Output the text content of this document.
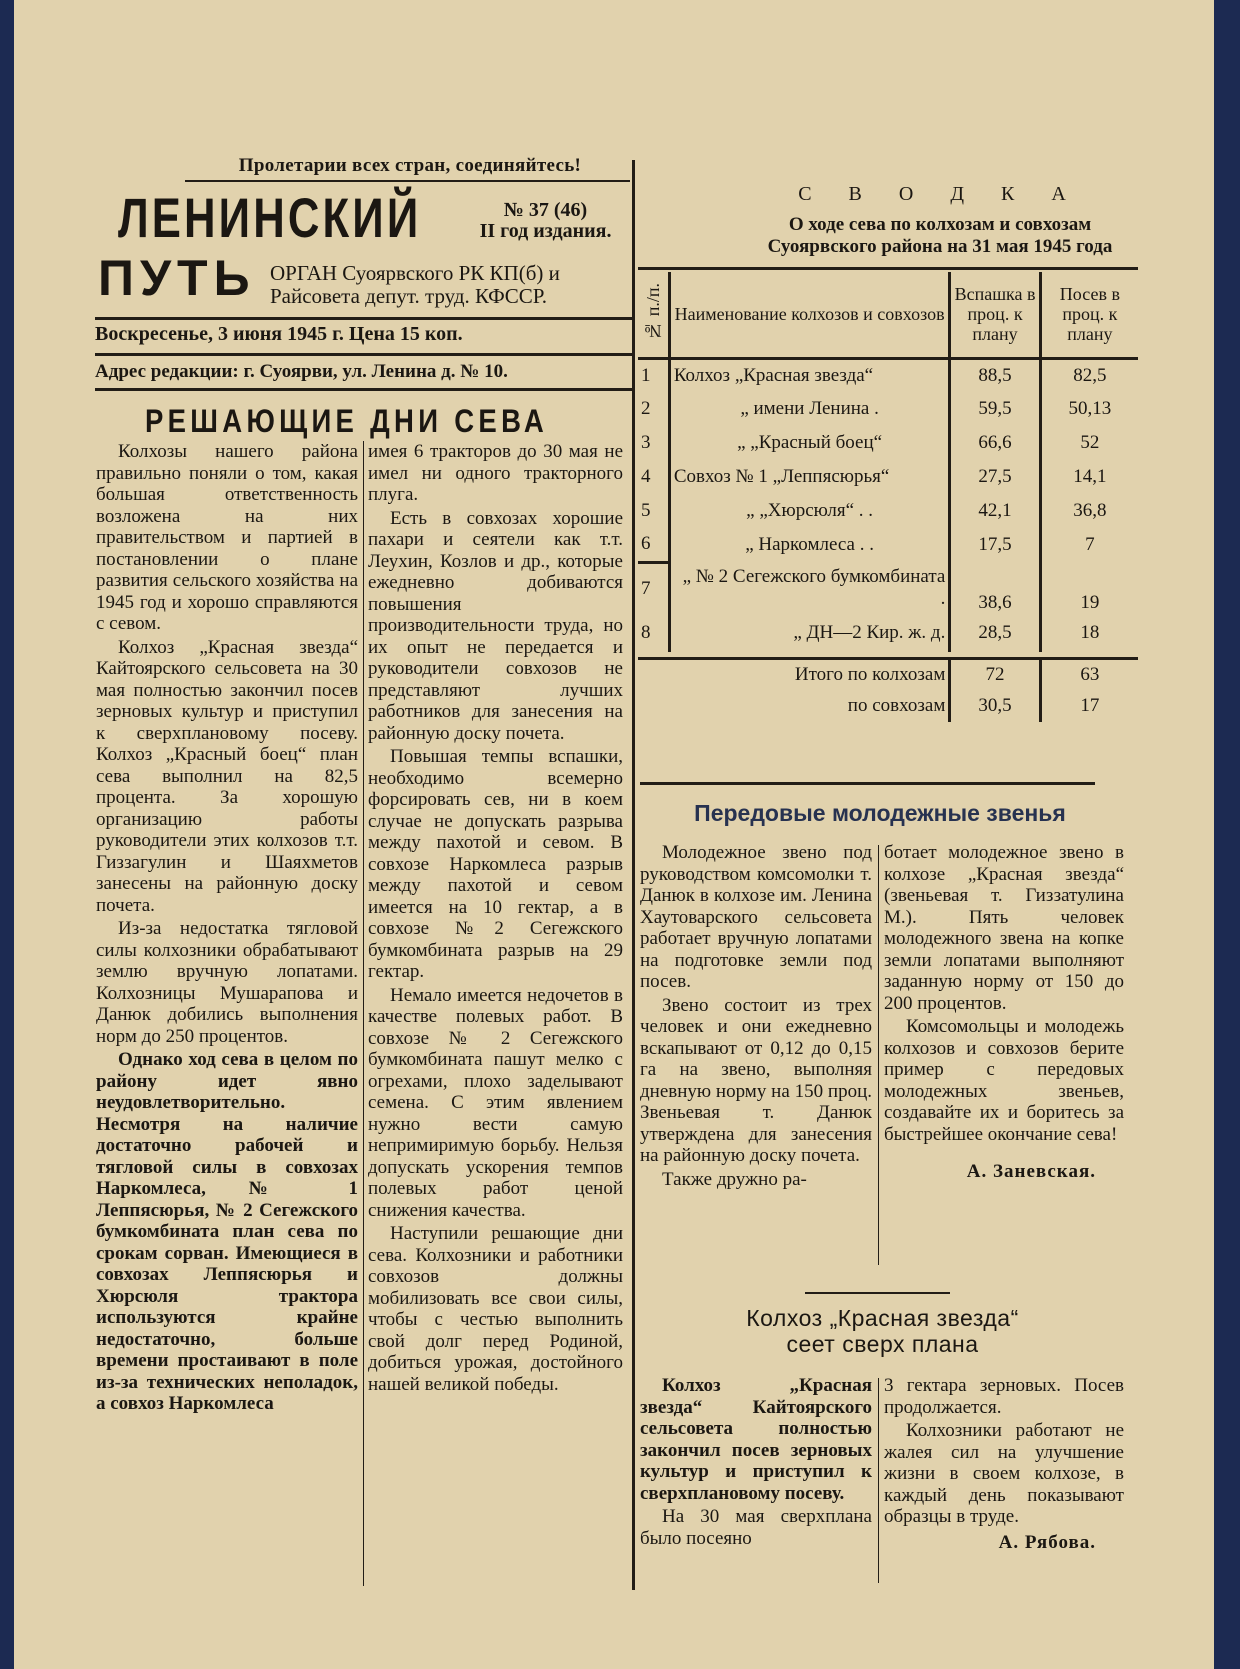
Пролетарии всех стран, соединяйтесь!
ЛЕНИНСКИЙ
ПУТЬ
№ 37 (46)
II год издания.
ОРГАН Суоярвского РК КП(б) и Райсовета депут. труд. КФССР.
Воскресенье, 3 июня 1945 г. Цена 15 коп.
Адрес редакции: г. Суоярви, ул. Ленина д. № 10.
РЕШАЮЩИЕ ДНИ СЕВА

Колхозы нашего района правильно поняли о том, какая большая ответственность возложена на них правительством и партией в постановлении о плане развития сельского хозяйства на 1945 год и хорошо справляются с севом.

Колхоз „Красная звезда“ Кайтоярского сельсовета на 30 мая полностью закончил посев зерновых культур и приступил к сверхплановому посеву. Колхоз „Красный боец“ план сева выполнил на 82,5 процента. За хорошую организацию работы руководители этих колхозов т.т. Гиззагулин и Шаяхметов занесены на районную доску почета.

Из-за недостатка тягловой силы колхозники обрабатывают землю вручную лопатами. Колхозницы Мушарапова и Данюк добились выполнения норм до 250 процентов.

Однако ход сева в целом по району идет явно неудовлетворительно. Несмотря на наличие достаточно рабочей и тягловой силы в совхозах Наркомлеса, № 1 Леппясюрья, № 2 Сегежского бумкомбината план сева по срокам сорван. Имеющиеся в совхозах Леппясюрья и Хюрсюля трактора используются крайне недостаточно, больше времени простаивают в поле из-за технических неполадок, а совхоз Наркомлеса

имея 6 тракторов до 30 мая не имел ни одного тракторного плуга.

Есть в совхозах хорошие пахари и сеятели как т.т. Леухин, Козлов и др., которые ежедневно добиваются повышения производительности труда, но их опыт не передается и руководители совхозов не представляют лучших работников для занесения на районную доску почета.

Повышая темпы вспашки, необходимо всемерно форсировать сев, ни в коем случае не допускать разрыва между пахотой и севом. В совхозе Наркомлеса разрыв между пахотой и севом имеется на 10 гектар, а в совхозе №2 Сегежского бумкомбината разрыв на 29 гектар.

Немало имеется недочетов в качестве полевых работ. В совхозе № 2 Сегежского бумкомбината пашут мелко с огрехами, плохо заделывают семена. С этим явлением нужно вести самую непримиримую борьбу. Нельзя допускать ускорения темпов полевых работ ценой снижения качества.

Наступили решающие дни сева. Колхозники и работники совхозов должны мобилизовать все свои силы, чтобы с честью выполнить свой долг перед Родиной, добиться урожая, достойного нашей великой победы.

С В О Д К А
О ходе сева по колхозам и совхозам
Суоярвского района на 31 мая 1945 года
№ п./п.	Наименование колхозов и совхозов	Вспашка в проц. к плану	Посев в проц. к плану
1	Колхоз „Красная звезда“	88,5	82,5
2	„ имени Ленина .	59,5	50,13
3	„ „Красный боец“	66,6	52
4	Совхоз № 1 „Леппясюрья“	27,5	14,1
5	„ „Хюрсюля“ . .	42,1	36,8
6	„ Наркомлеса . .	17,5	7
7	„ № 2 Сегежского бумкомбината .	38,6	19
8	„ ДН—2 Кир. ж. д.	28,5	18

	Итого по колхозам	72	63
	по совхозам	30,5	17
Передовые молодежные звенья

Молодежное звено под руководством комсомолки т. Данюк в колхозе им. Ленина Хаутоварского сельсовета работает вручную лопатами на подготовке земли под посев.

Звено состоит из трех человек и они ежедневно вскапывают от 0,12 до 0,15 га на звено, выполняя дневную норму на 150 проц. Звеньевая т. Данюк утверждена для занесения на районную доску почета.

Также дружно ра-

ботает молодежное звено в колхозе „Красная звезда“ (звеньевая т. Гиззатулина М.). Пять человек молодежного звена на копке земли лопатами выполняют заданную норму от 150 до 200 процентов.

Комсомольцы и молодежь колхозов и совхозов берите пример с передовых молодежных звеньев, создавайте их и боритесь за быстрейшее окончание сева!

А. Заневская.
Колхоз „Красная звезда“
сеет сверх плана

Колхоз „Красная звезда“ Кайтоярского сельсовета полностью закончил посев зерновых культур и приступил к сверхплановому посеву.

На 30 мая сверхплана было посеяно

3 гектара зерновых. Посев продолжается.

Колхозники работают не жалея сил на улучшение жизни в своем колхозе, в каждый день показывают образцы в труде.

А. Рябова.
